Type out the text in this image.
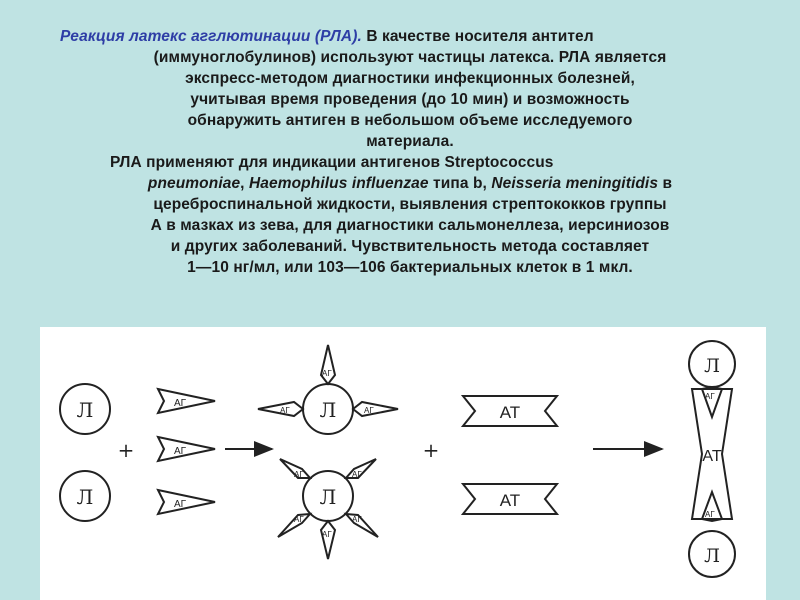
Реакция латекс агглютинации (РЛА). В качестве носителя антител
(иммуноглобулинов) используют частицы латекса. РЛА является
экспресс-методом диагностики инфекционных болезней,
учитывая время проведения (до 10 мин) и возможность
обнаружить антиген в небольшом объеме исследуемого
материала.
РЛА применяют для индикации антигенов Streptococcus
pneumoniae, Haemophilus influenzae типа b, Neisseria meningitidis в
цереброспинальной жидкости, выявления стрептококков группы
А в мазках из зева, для диагностики сальмонеллеза, иерсиниозов
и других заболеваний. Чувствительность метода составляет
1—10 нг/мл, или 103—106 бактериальных клеток в 1 мкл.
Л
Л
+
АГ
АГ
АГ
Л
АГ
АГ	АГ
Л
АГ	АГ
АГ	АГ
АГ
+
АТ
АТ
Л
АГ
АТ
АГ
Л
